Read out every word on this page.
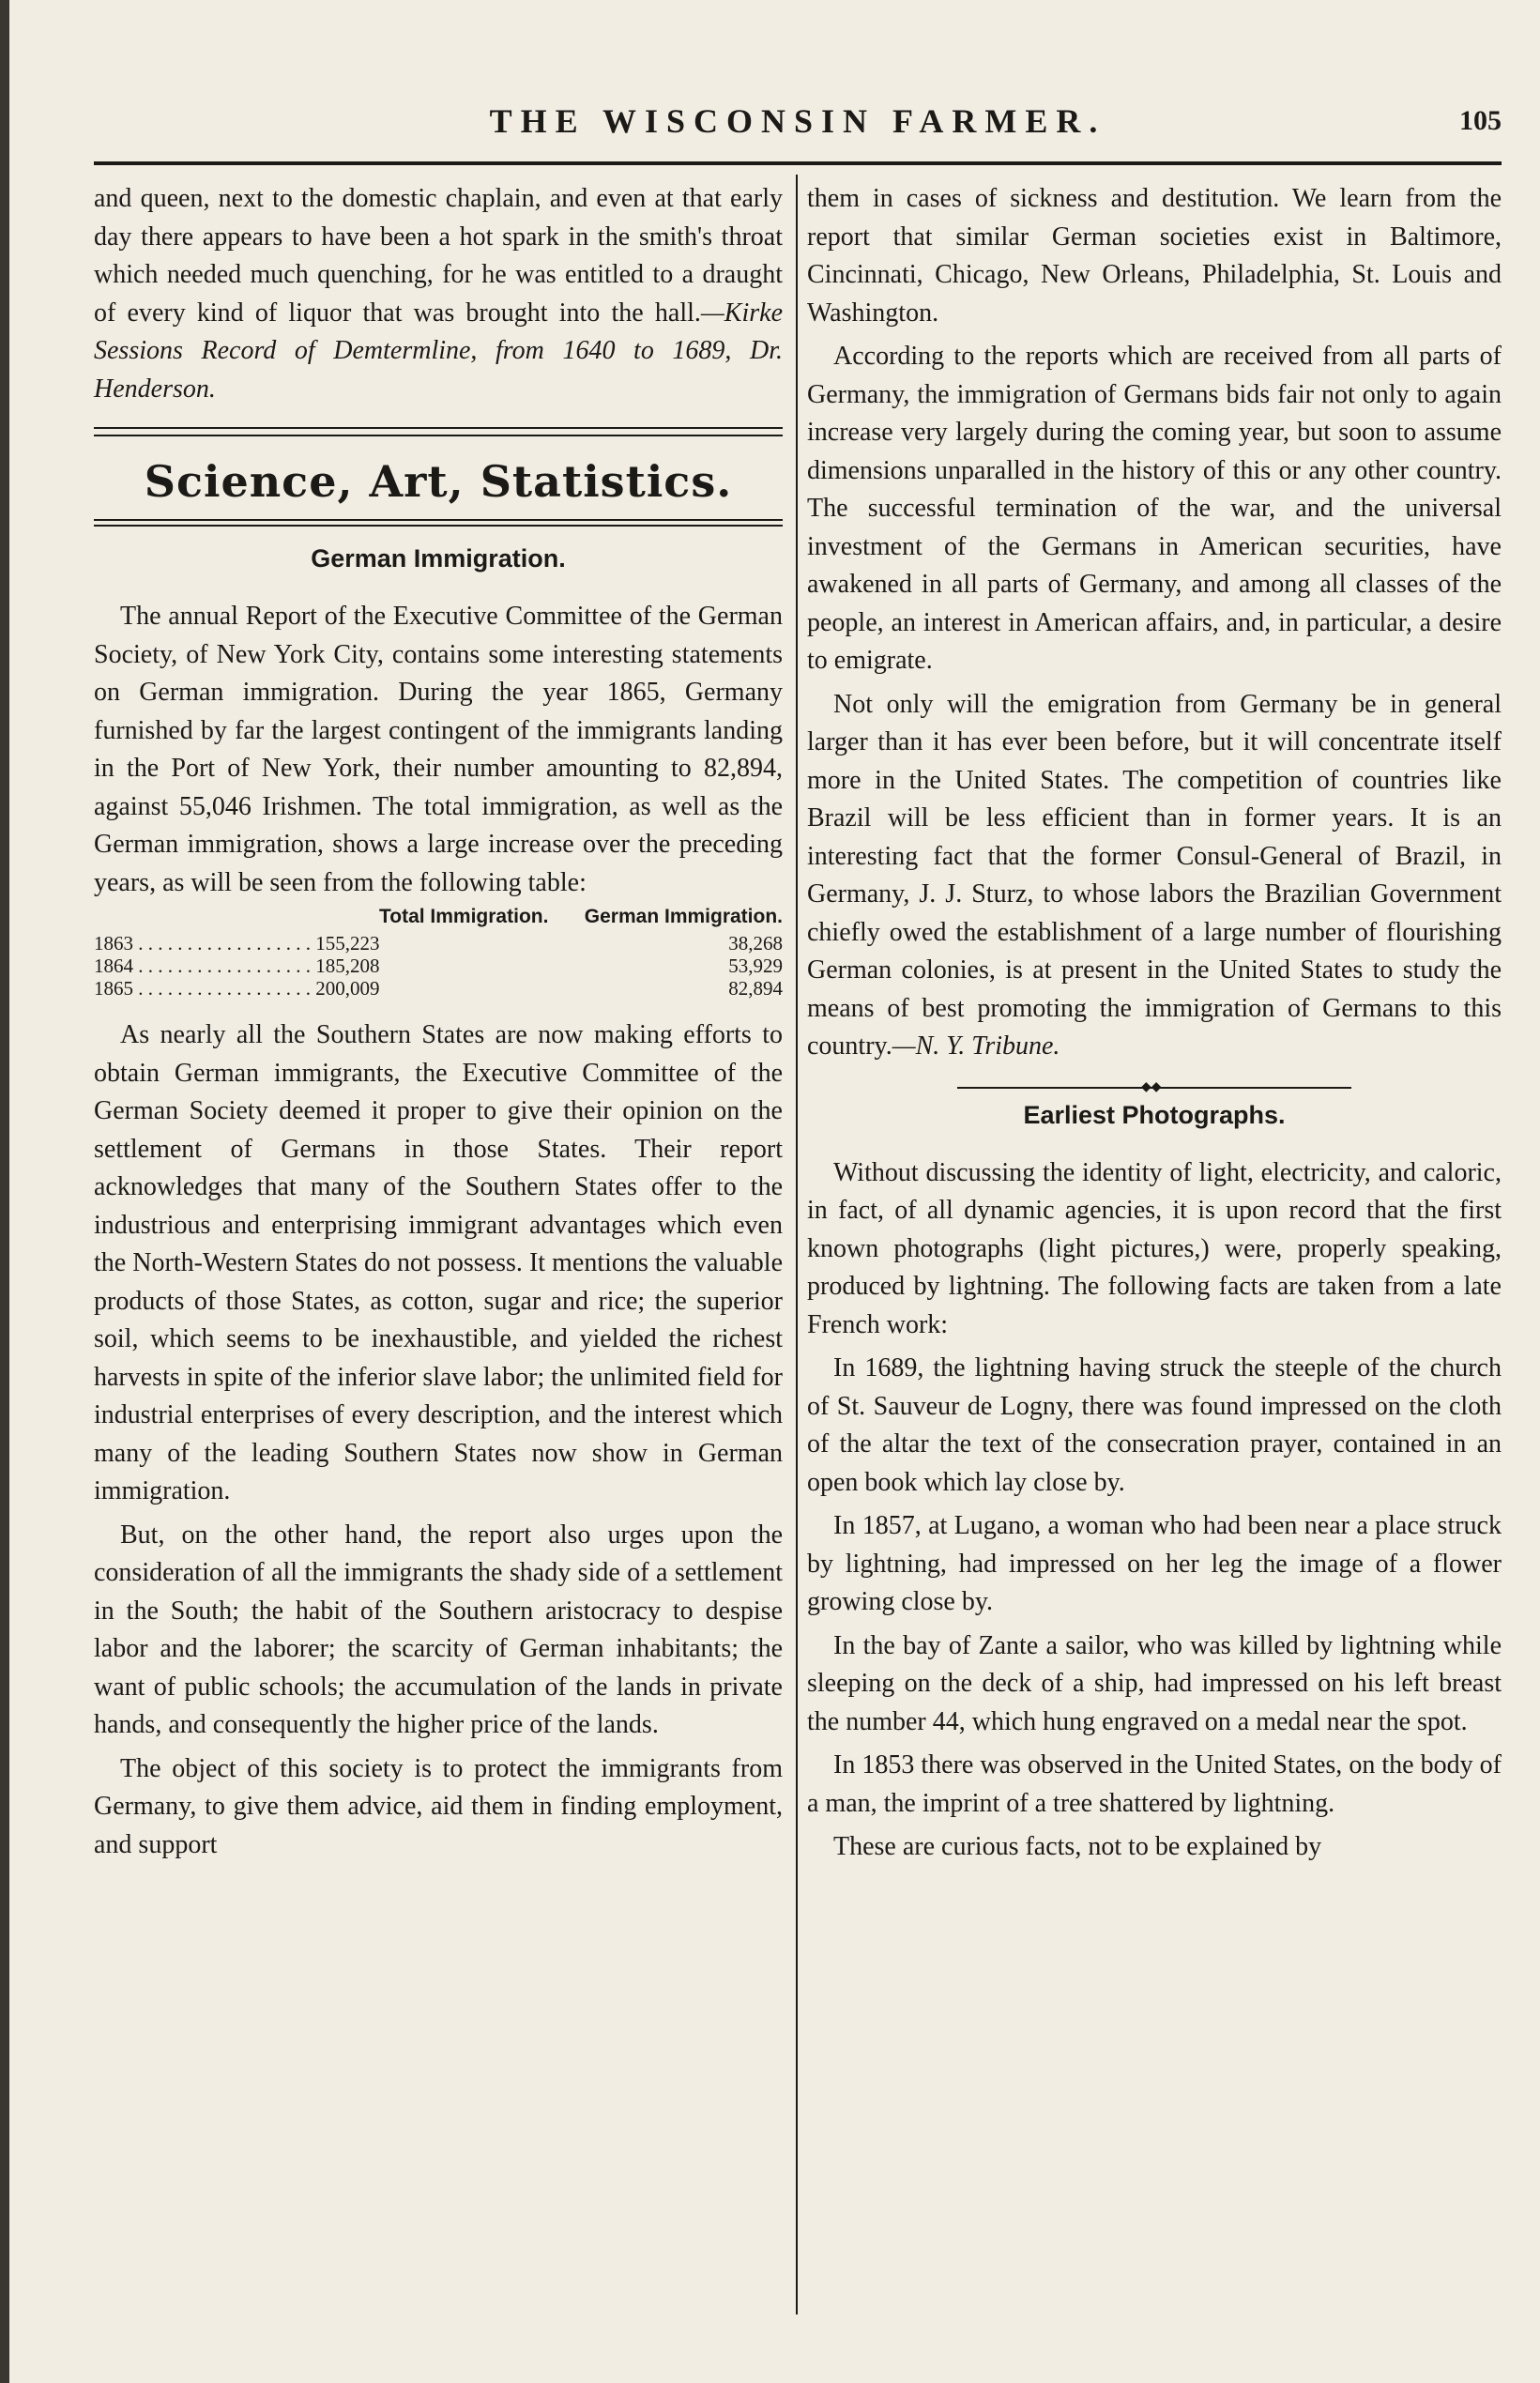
THE WISCONSIN FARMER.	105

and queen, next to the domestic chaplain, and even at that early day there appears to have been a hot spark in the smith's throat which needed much quenching, for he was entitled to a draught of every kind of liquor that was brought into the hall.—Kirke Sessions Record of Demtermline, from 1640 to 1689, Dr. Henderson.

Science, Art, Statistics.
German Immigration.

The annual Report of the Executive Committee of the German Society, of New York City, contains some interesting statements on German immigration. During the year 1865, Germany furnished by far the largest contingent of the immigrants landing in the Port of New York, their number amounting to 82,894, against 55,046 Irishmen. The total immigration, as well as the German immigration, shows a large increase over the preceding years, as will be seen from the following table:

Total Immigration.	German Immigration.
1863 . . . . . . . . . . . . . . . . . . 155,223	38,268
1864 . . . . . . . . . . . . . . . . . . 185,208	53,929
1865 . . . . . . . . . . . . . . . . . . 200,009	82,894

As nearly all the Southern States are now making efforts to obtain German immigrants, the Executive Committee of the German Society deemed it proper to give their opinion on the settlement of Germans in those States. Their report acknowledges that many of the Southern States offer to the industrious and enterprising immigrant advantages which even the North-Western States do not possess. It mentions the valuable products of those States, as cotton, sugar and rice; the superior soil, which seems to be inexhaustible, and yielded the richest harvests in spite of the inferior slave labor; the unlimited field for industrial enterprises of every description, and the interest which many of the leading Southern States now show in German immigration.

But, on the other hand, the report also urges upon the consideration of all the immigrants the shady side of a settlement in the South; the habit of the Southern aristocracy to despise labor and the laborer; the scarcity of German inhabitants; the want of public schools; the accumulation of the lands in private hands, and consequently the higher price of the lands.

The object of this society is to protect the immigrants from Germany, to give them advice, aid them in finding employment, and support

them in cases of sickness and destitution. We learn from the report that similar German societies exist in Baltimore, Cincinnati, Chicago, New Orleans, Philadelphia, St. Louis and Washington.

According to the reports which are received from all parts of Germany, the immigration of Germans bids fair not only to again increase very largely during the coming year, but soon to assume dimensions unparalled in the history of this or any other country. The successful termination of the war, and the universal investment of the Germans in American securities, have awakened in all parts of Germany, and among all classes of the people, an interest in American affairs, and, in particular, a desire to emigrate.

Not only will the emigration from Germany be in general larger than it has ever been before, but it will concentrate itself more in the United States. The competition of countries like Brazil will be less efficient than in former years. It is an interesting fact that the former Consul-General of Brazil, in Germany, J. J. Sturz, to whose labors the Brazilian Government chiefly owed the establishment of a large number of flourishing German colonies, is at present in the United States to study the means of best promoting the immigration of Germans to this country.—N. Y. Tribune.

◆◆
Earliest Photographs.

Without discussing the identity of light, electricity, and caloric, in fact, of all dynamic agencies, it is upon record that the first known photographs (light pictures,) were, properly speaking, produced by lightning. The following facts are taken from a late French work:

In 1689, the lightning having struck the steeple of the church of St. Sauveur de Logny, there was found impressed on the cloth of the altar the text of the consecration prayer, contained in an open book which lay close by.

In 1857, at Lugano, a woman who had been near a place struck by lightning, had impressed on her leg the image of a flower growing close by.

In the bay of Zante a sailor, who was killed by lightning while sleeping on the deck of a ship, had impressed on his left breast the number 44, which hung engraved on a medal near the spot.

In 1853 there was observed in the United States, on the body of a man, the imprint of a tree shattered by lightning.

These are curious facts, not to be explained by
